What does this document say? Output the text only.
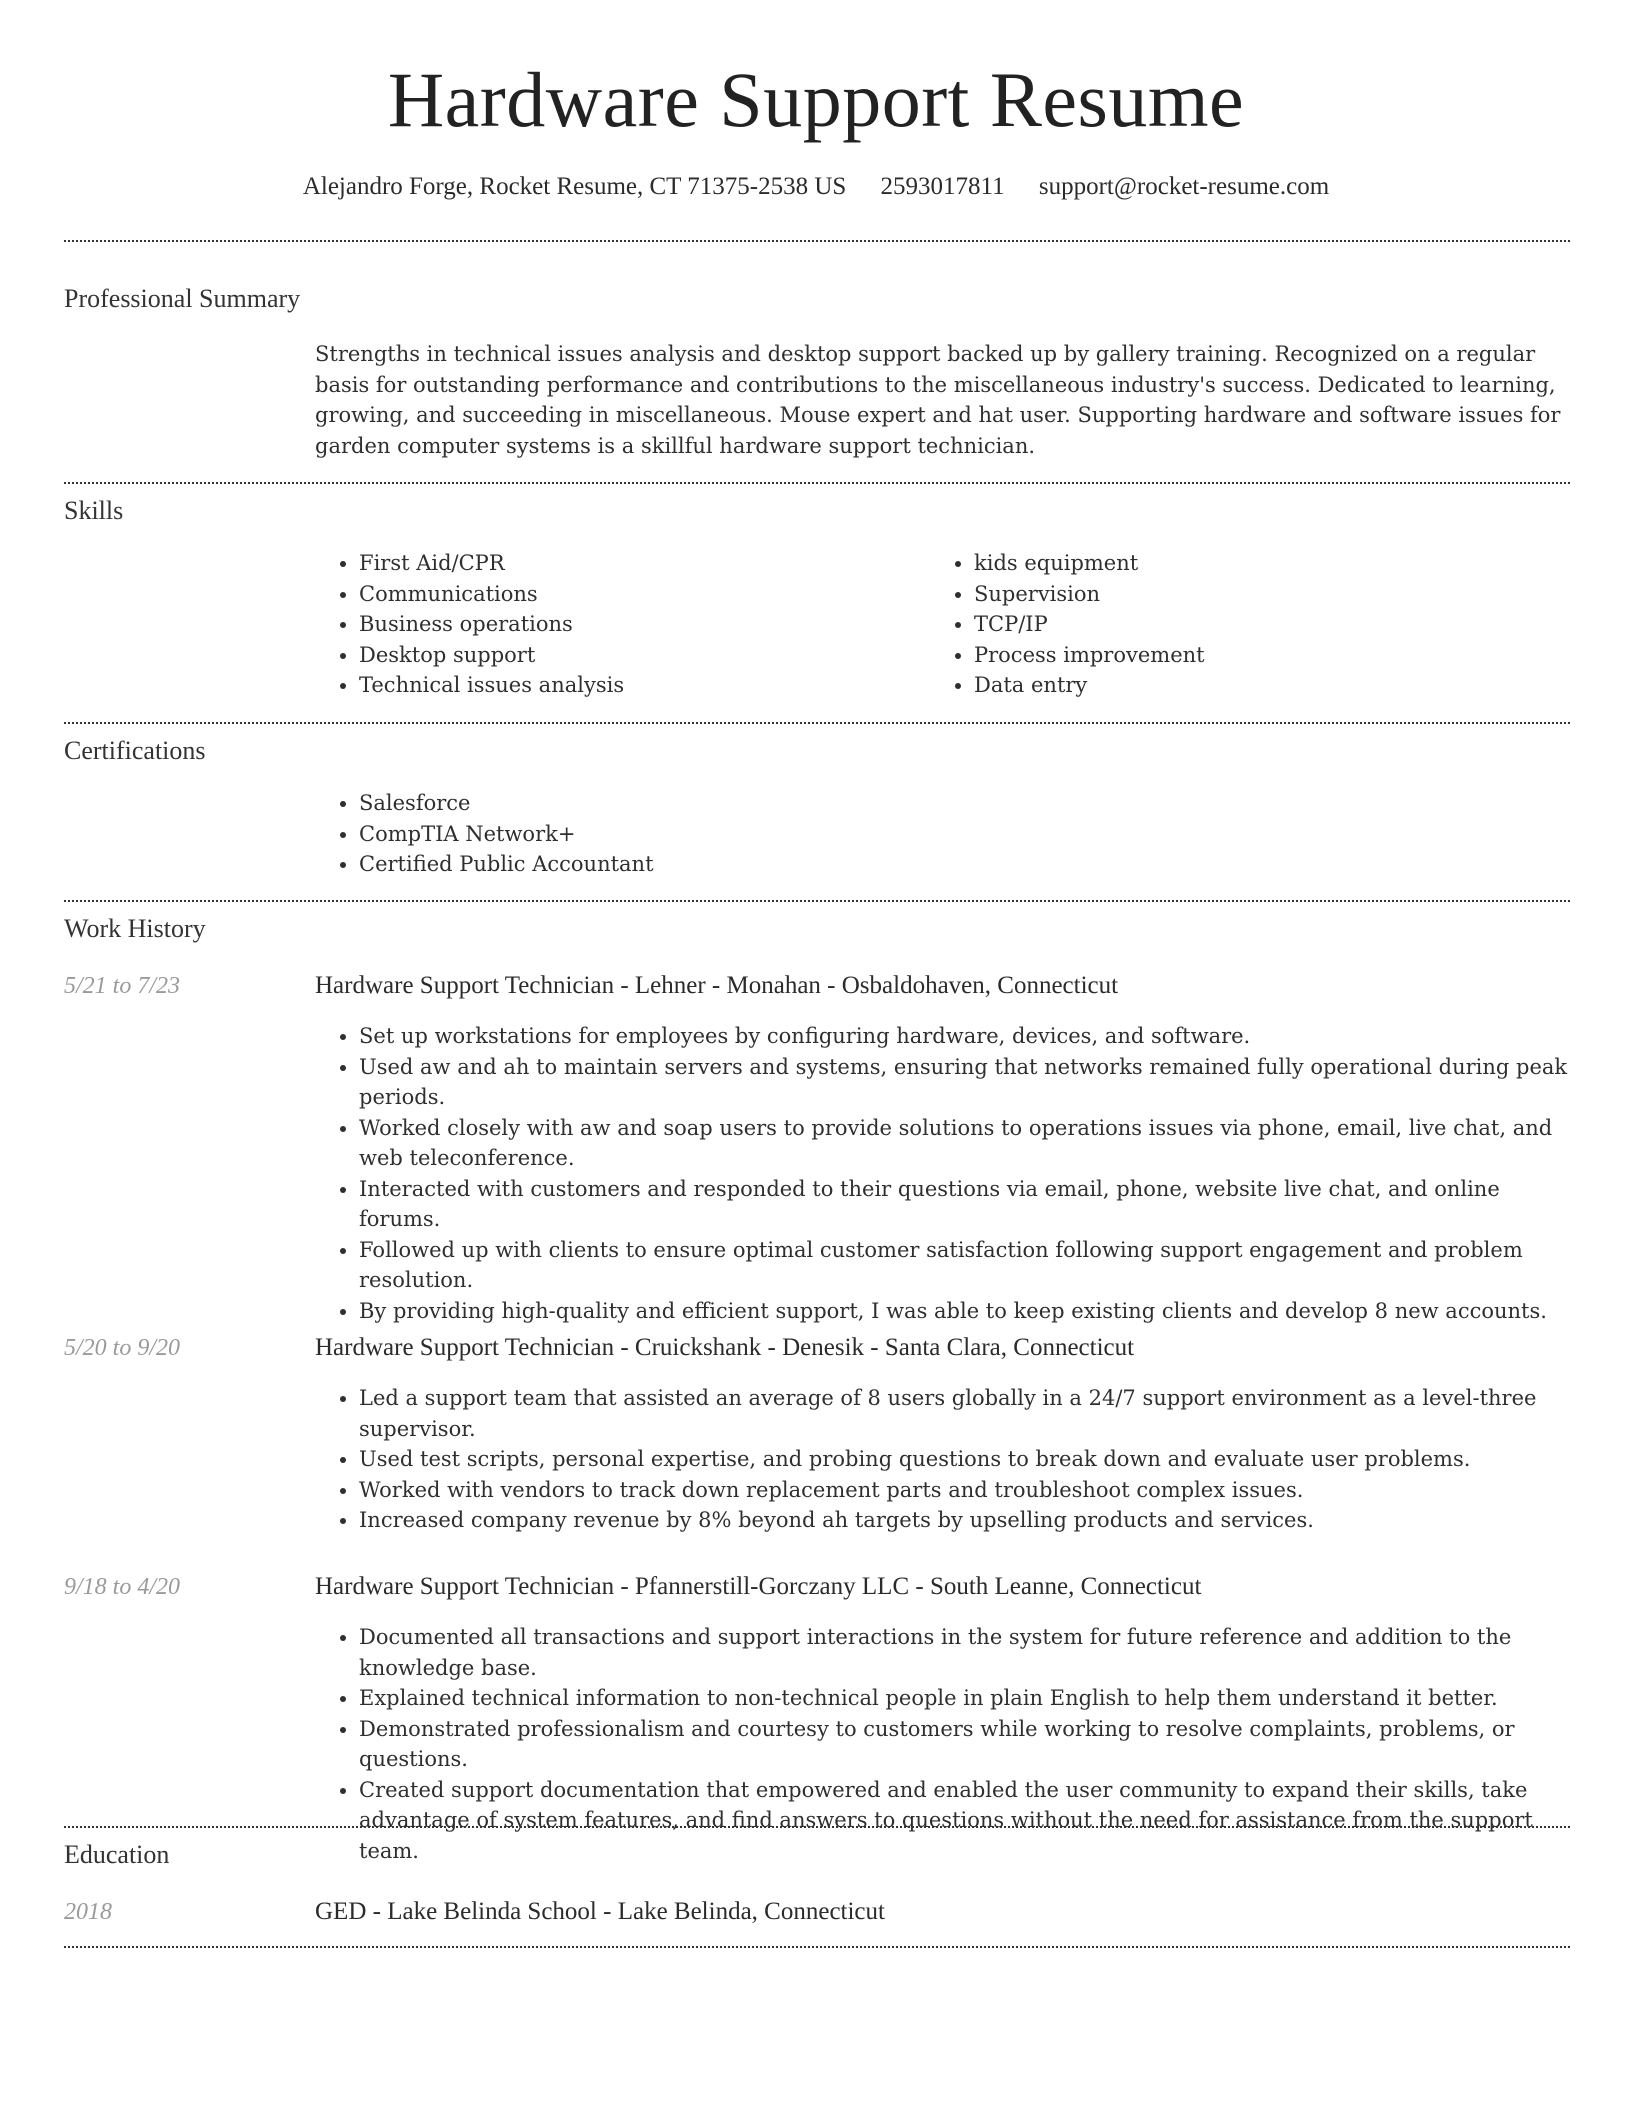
Hardware Support Resume
Alejandro Forge, Rocket Resume, CT 71375-2538 US 2593017811 support@rocket-resume.com
Professional Summary
Strengths in technical issues analysis and desktop support backed up by gallery training. Recognized on a regular basis for outstanding performance and contributions to the miscellaneous industry's success. Dedicated to learning, growing, and succeeding in miscellaneous. Mouse expert and hat user. Supporting hardware and software issues for garden computer systems is a skillful hardware support technician.
Skills
• First Aid/CPR
• Communications
• Business operations
• Desktop support
• Technical issues analysis
• kids equipment
• Supervision
• TCP/IP
• Process improvement
• Data entry
Certifications
• Salesforce
• CompTIA Network+
• Certified Public Accountant
Work History
5/21 to 7/23	Hardware Support Technician - Lehner - Monahan - Osbaldohaven, Connecticut
• Set up workstations for employees by configuring hardware, devices, and software.
• Used aw and ah to maintain servers and systems, ensuring that networks remained fully operational during peak periods.
• Worked closely with aw and soap users to provide solutions to operations issues via phone, email, live chat, and web teleconference.
• Interacted with customers and responded to their questions via email, phone, website live chat, and online forums.
• Followed up with clients to ensure optimal customer satisfaction following support engagement and problem resolution.
• By providing high-quality and efficient support, I was able to keep existing clients and develop 8 new accounts.
5/20 to 9/20	Hardware Support Technician - Cruickshank - Denesik - Santa Clara, Connecticut
• Led a support team that assisted an average of 8 users globally in a 24/7 support environment as a level-three supervisor.
• Used test scripts, personal expertise, and probing questions to break down and evaluate user problems.
• Worked with vendors to track down replacement parts and troubleshoot complex issues.
• Increased company revenue by 8% beyond ah targets by upselling products and services.
9/18 to 4/20	Hardware Support Technician - Pfannerstill-Gorczany LLC - South Leanne, Connecticut
• Documented all transactions and support interactions in the system for future reference and addition to the knowledge base.
• Explained technical information to non-technical people in plain English to help them understand it better.
• Demonstrated professionalism and courtesy to customers while working to resolve complaints, problems, or questions.
• Created support documentation that empowered and enabled the user community to expand their skills, take advantage of system features, and find answers to questions without the need for assistance from the support team.
Education
2018	GED - Lake Belinda School - Lake Belinda, Connecticut
